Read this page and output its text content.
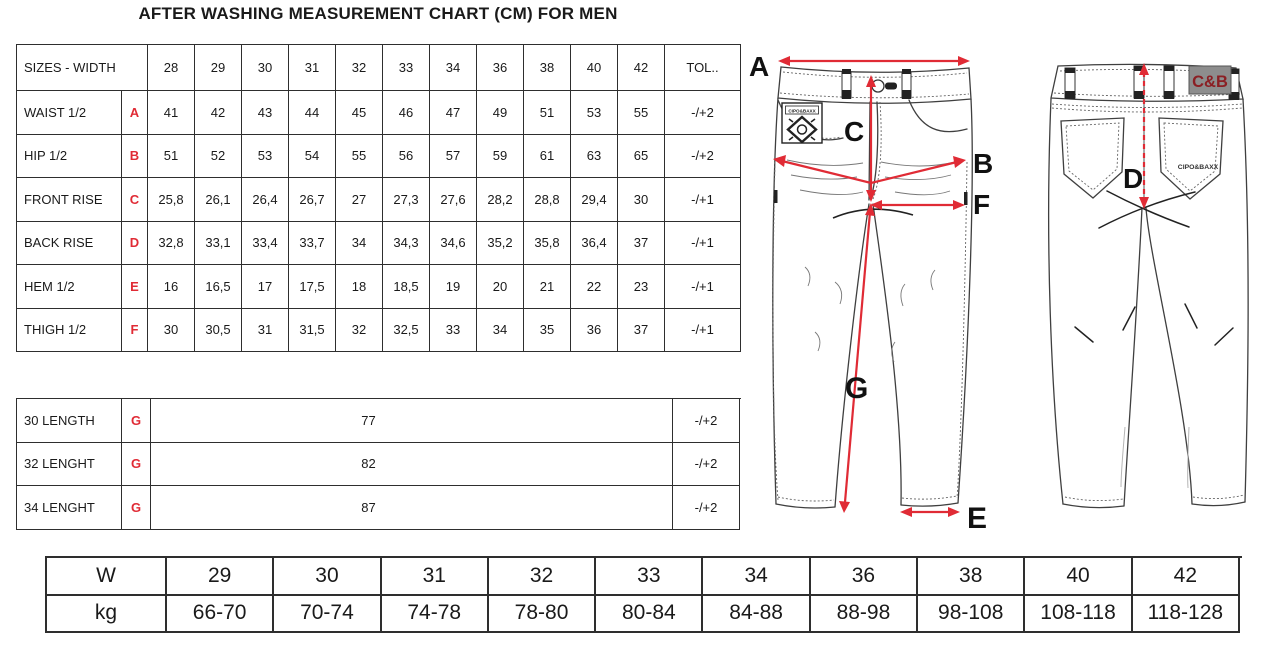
AFTER WASHING MEASUREMENT CHART (CM) FOR MEN
SIZES - WIDTH	28	29	30	31	32	33	34	36	38	40	42	TOL..
WAIST 1/2	A	41	42	43	44	45	46	47	49	51	53	55	-/+2
HIP 1/2	B	51	52	53	54	55	56	57	59	61	63	65	-/+2
FRONT RISE	C	25,8	26,1	26,4	26,7	27	27,3	27,6	28,2	28,8	29,4	30	-/+1
BACK RISE	D	32,8	33,1	33,4	33,7	34	34,3	34,6	35,2	35,8	36,4	37	-/+1
HEM 1/2	E	16	16,5	17	17,5	18	18,5	19	20	21	22	23	-/+1
THIGH 1/2	F	30	30,5	31	31,5	32	32,5	33	34	35	36	37	-/+1
30 LENGTH	G	77	-/+2
32 LENGHT	G	82	-/+2
34 LENGHT	G	87	-/+2
W	29	30	31	32	33	34	36	38	40	42
kg	66-70	70-74	74-78	78-80	80-84	84-88	88-98	98-108	108-118	118-128
CIPO&BAXX
A
C
B
F
G
E
C&B
CIPO&BAXX
D
